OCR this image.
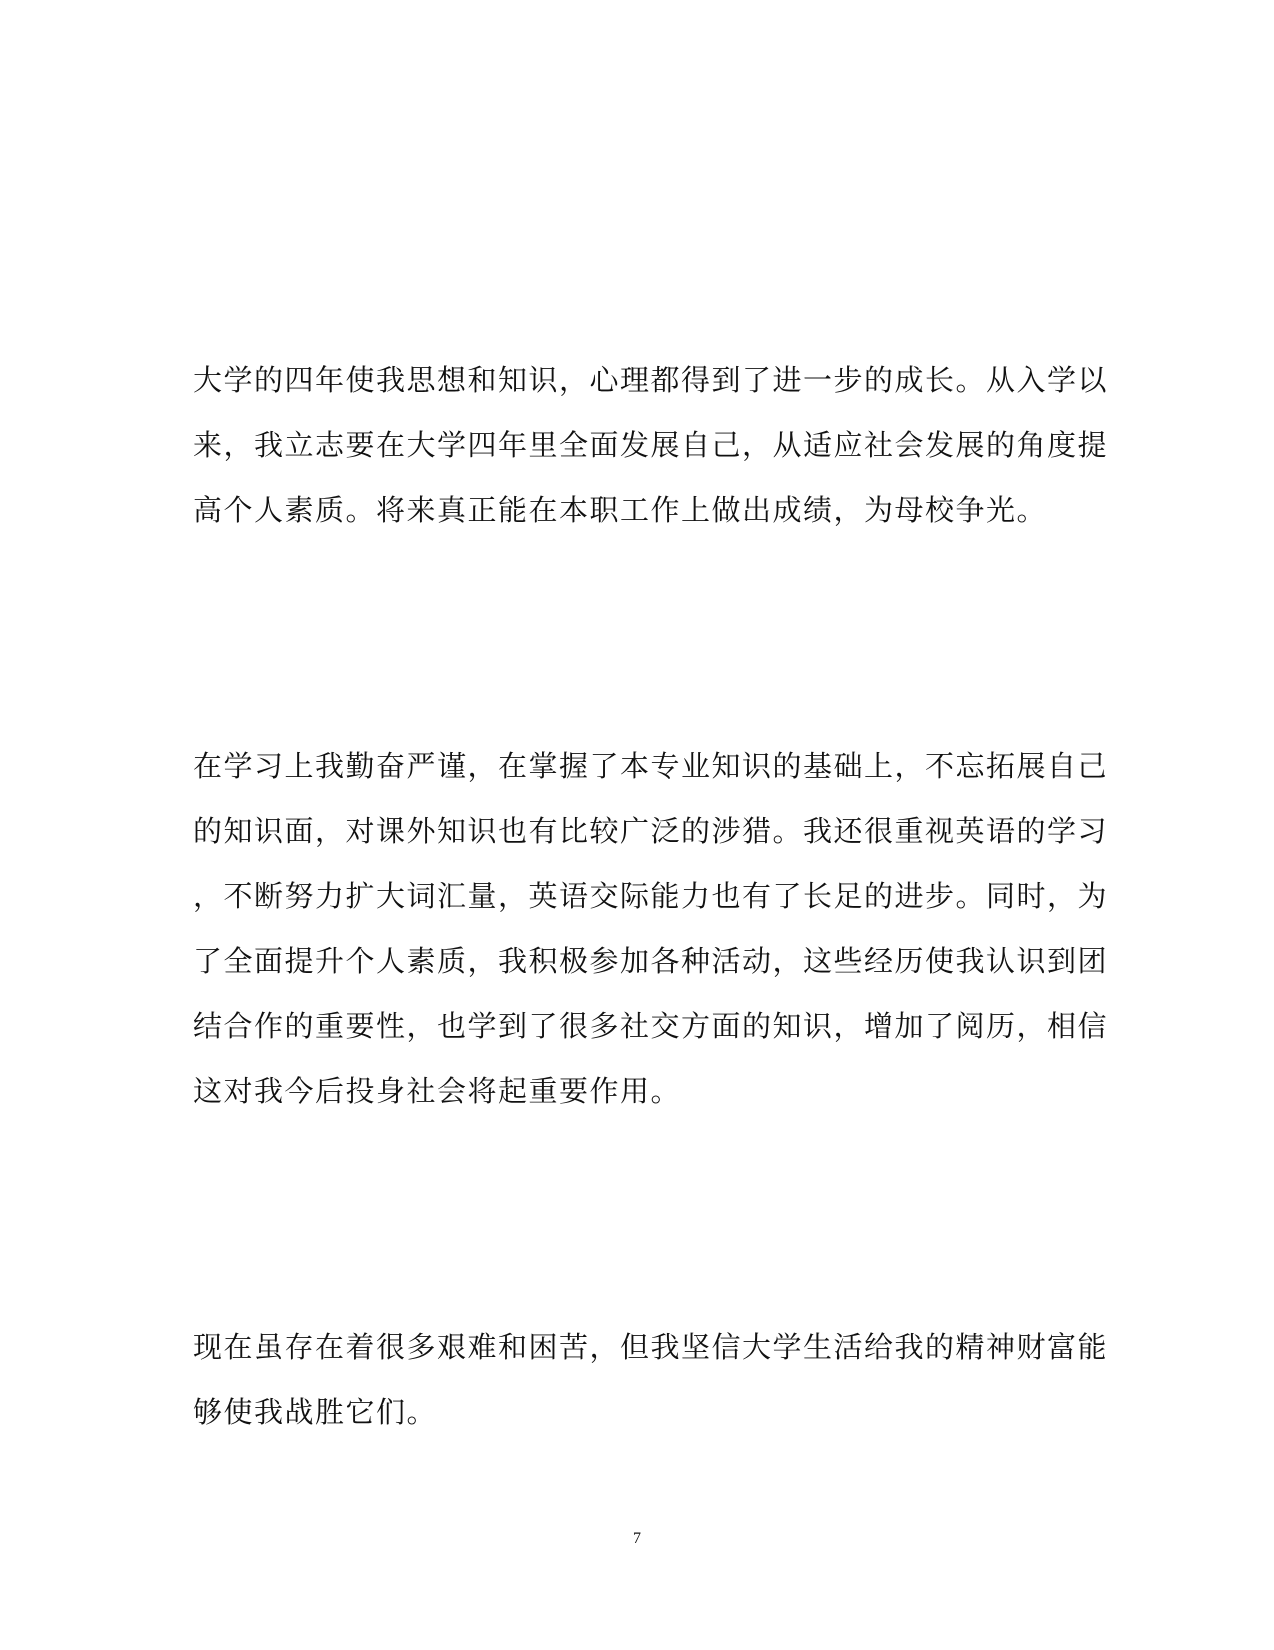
大学的四年使我思想和知识，心理都得到了进一步的成长。从入学以
来，我立志要在大学四年里全面发展自己，从适应社会发展的角度提
高个人素质。将来真正能在本职工作上做出成绩，为母校争光。

在学习上我勤奋严谨，在掌握了本专业知识的基础上，不忘拓展自己
的知识面，对课外知识也有比较广泛的涉猎。我还很重视英语的学习
，不断努力扩大词汇量，英语交际能力也有了长足的进步。同时，为
了全面提升个人素质，我积极参加各种活动，这些经历使我认识到团
结合作的重要性，也学到了很多社交方面的知识，增加了阅历，相信
这对我今后投身社会将起重要作用。

现在虽存在着很多艰难和困苦，但我坚信大学生活给我的精神财富能
够使我战胜它们。

7
